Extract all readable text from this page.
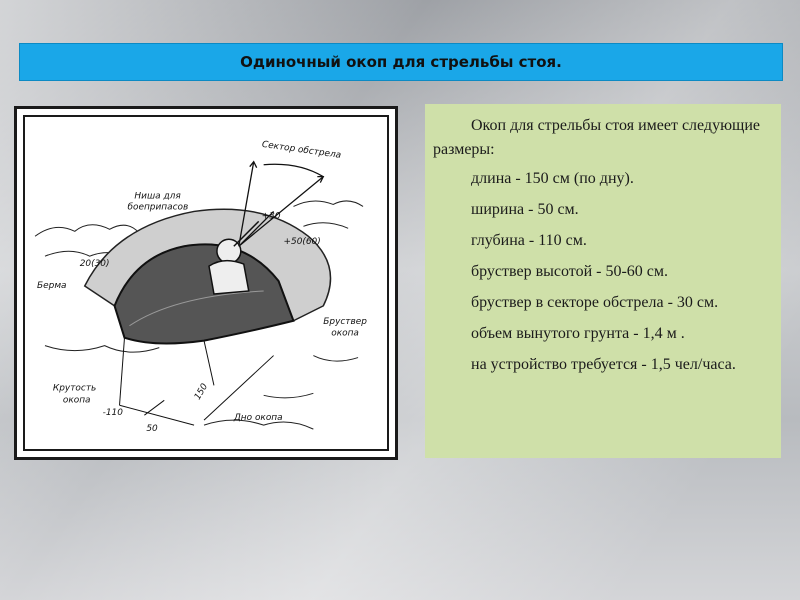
Одиночный окоп для стрельбы стоя.
Сектор обстрела
Ниша для
боеприпасов
+30
+50(60)
20(30)
Берма
Бруствер
окопа
Крутость
окопа
-110
50
150
Дно окопа

Окоп для стрельбы стоя имеет следующие размеры:

длина - 150 см (по дну).
ширина - 50 см.
глубина - 110 см.
бруствер высотой - 50-60 см.
бруствер в секторе обстрела - 30 см.
объем вынутого грунта - 1,4 м .
на устройство требуется - 1,5 чел/часа.
